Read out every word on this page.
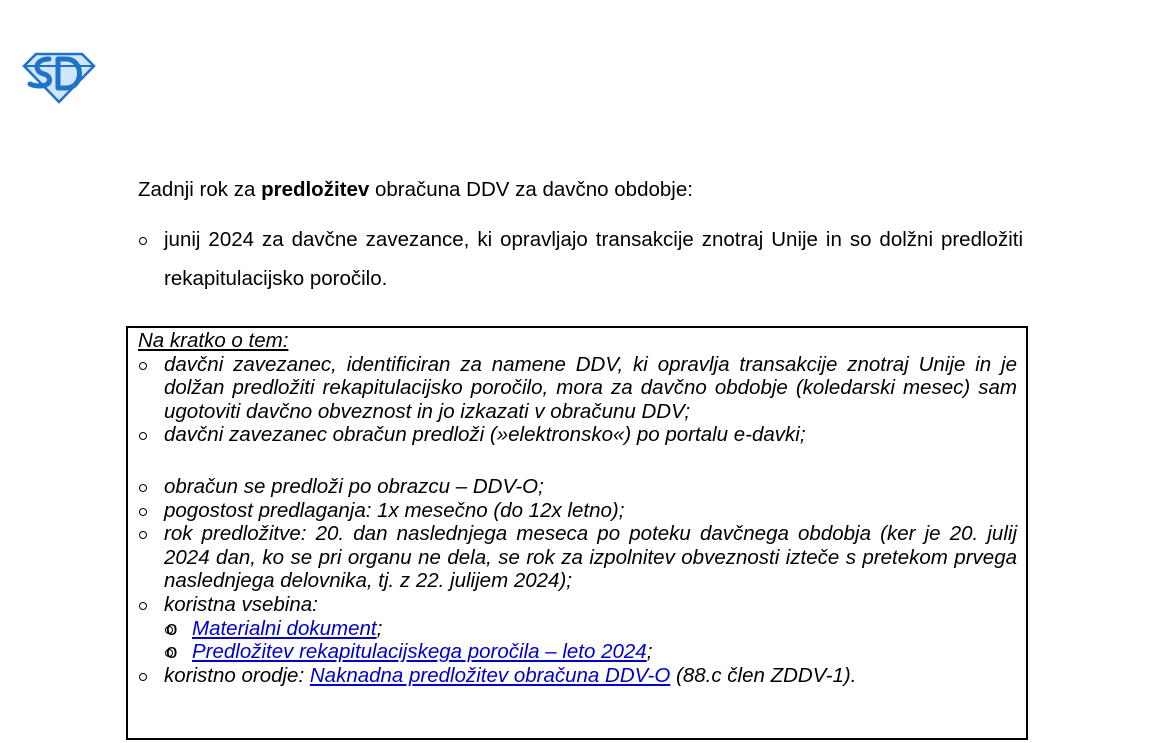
Zadnji rok za predložitev obračuna DDV za davčno obdobje:

junij 2024 za davčne zavezance, ki opravljajo transakcije znotraj Unije in so dolžni predložiti rekapitulacijsko poročilo.
Na kratko o tem:
davčni zavezanec, identificiran za namene DDV, ki opravlja transakcije znotraj Unije in je dolžan predložiti rekapitulacijsko poročilo, mora za davčno obdobje (koledarski mesec) sam ugotoviti davčno obveznost in jo izkazati v obračunu DDV;
davčni zavezanec obračun predloži (»elektronsko«) po portalu e-davki;
obračun se predloži po obrazcu – DDV-O;
pogostost predlaganja: 1x mesečno (do 12x letno);
rok predložitve: 20. dan naslednjega meseca po poteku davčnega obdobja (ker je 20. julij 2024 dan, ko se pri organu ne dela, se rok za izpolnitev obveznosti izteče s pretekom prvega naslednjega delovnika, tj. z 22. julijem 2024);
koristna vsebina:
o Materialni dokument;
o Predložitev rekapitulacijskega poročila – leto 2024;
koristno orodje: Naknadna predložitev obračuna DDV-O (88.c člen ZDDV-1).
